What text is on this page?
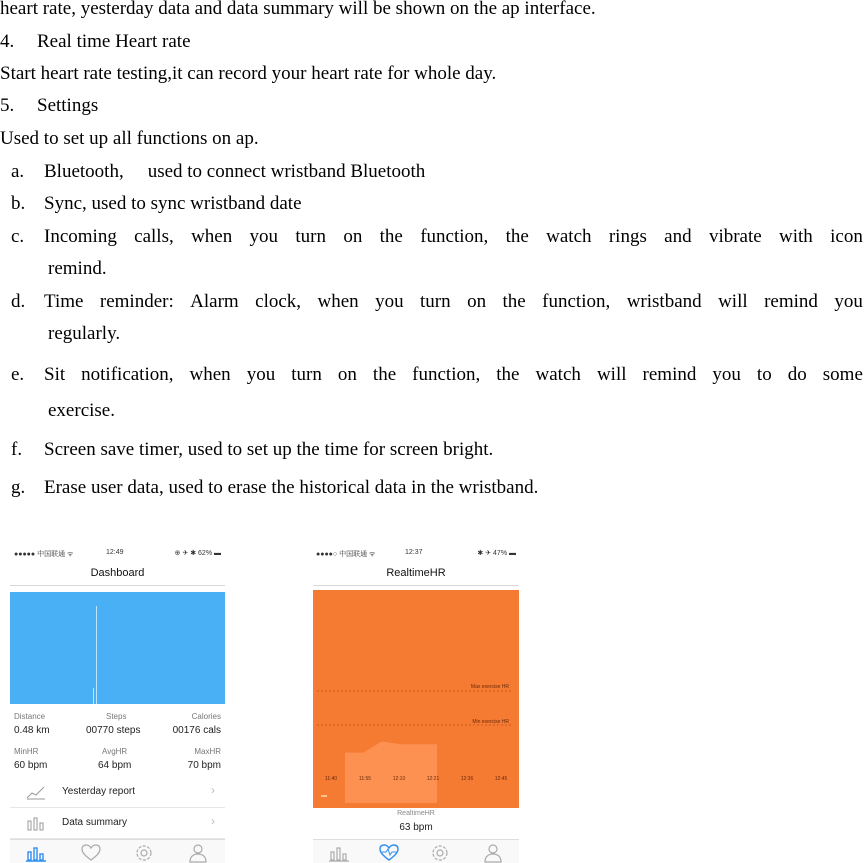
heart rate, yesterday data and data summary will be shown on the ap interface.
4. Real time Heart rate
Start heart rate testing,it can record your heart rate for whole day.
5. Settings
Used to set up all functions on ap.
a. Bluetooth, used to connect wristband Bluetooth
b. Sync, used to sync wristband date
c. Incoming calls, when you turn on the function, the watch rings and vibrate with icon
remind.
d. Time reminder: Alarm clock, when you turn on the function, wristband will remind you
regularly.
e. Sit notification, when you turn on the function, the watch will remind you to do some
exercise.
f. Screen save timer, used to set up the time for screen bright.
g. Erase user data, used to erase the historical data in the wristband.
●●●●● 中国联通 ᯤ	12:49	⊕ ✈ ✱ 62% ▬
Dashboard
Distance	Steps	Calories
0.48 km	00770 steps	00176 cals
MinHR	AvgHR	MaxHR
60 bpm	64 bpm	70 bpm
Yesterday report	›
Data summary	›
●●●●○ 中国联通 ᯤ	12:37	✱ ✈ 47% ▬
RealtimeHR
Max exercise HR
Min exercise HR
11:40	11:55	12:10	12:21	12:36	12:45
RealtimeHR
63 bpm
